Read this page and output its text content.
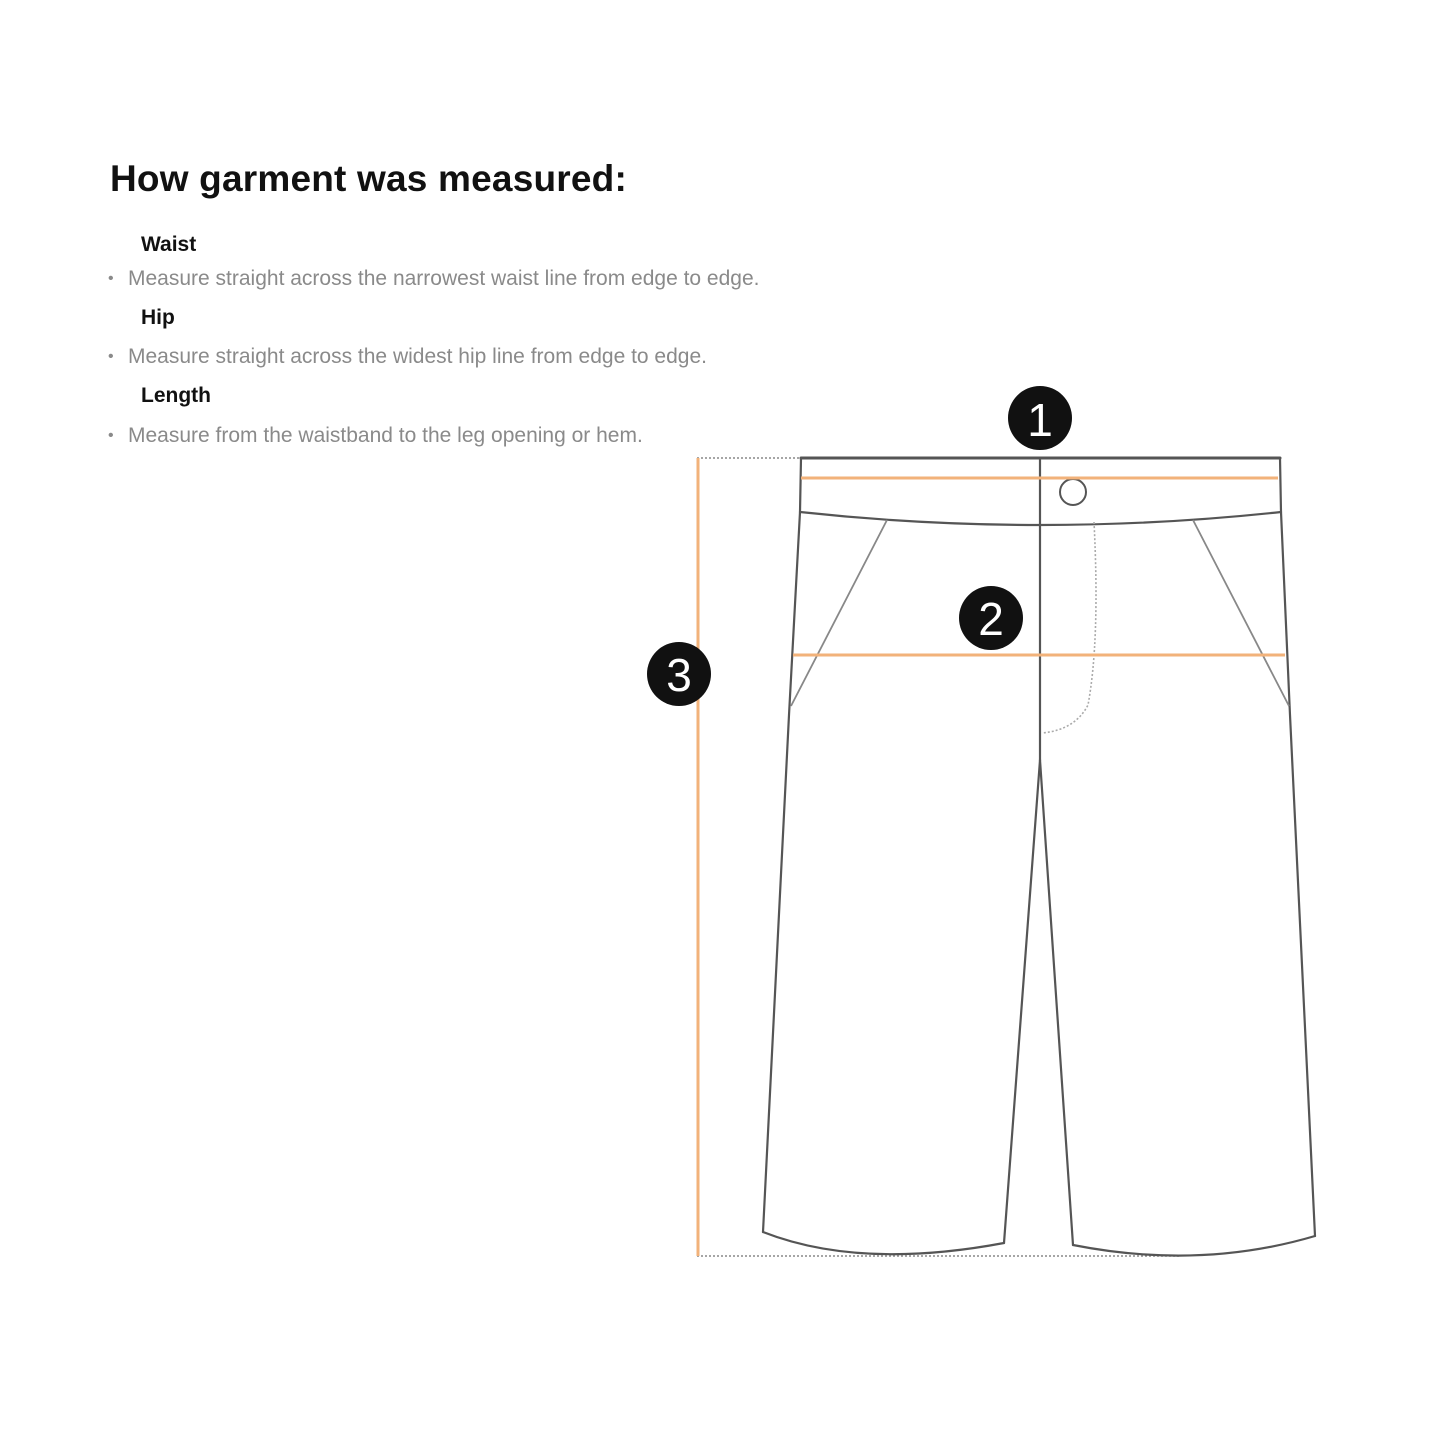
How garment was measured:
Waist
• Measure straight across the narrowest waist line from edge to edge.
Hip
• Measure straight across the widest hip line from edge to edge.
Length
• Measure from the waistband to the leg opening or hem.	1
2
3
